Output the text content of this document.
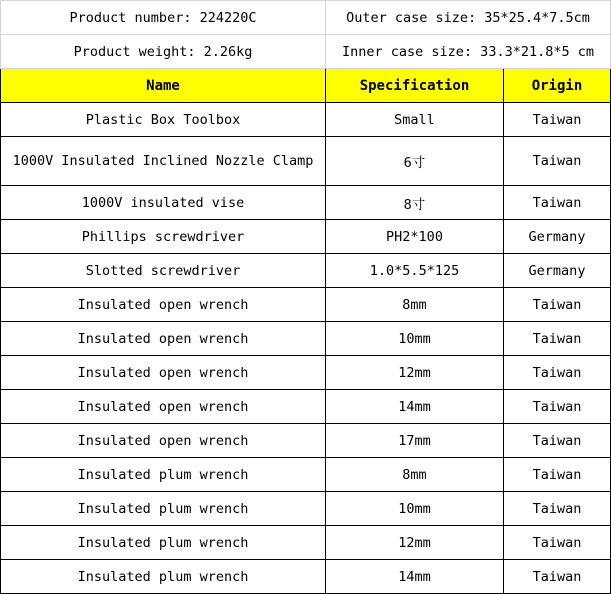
Product number: 224220C	Outer case size: 35*25.4*7.5cm	
Product weight: 2.26kg	Inner case size: 33.3*21.8*5 cm	
Name	Specification	Origin
Plastic Box Toolbox	Small	Taiwan
1000V Insulated Inclined Nozzle Clamp	6寸	Taiwan
1000V insulated vise	8寸	Taiwan
Phillips screwdriver	PH2*100	Germany
Slotted screwdriver	1.0*5.5*125	Germany
Insulated open wrench	8mm	Taiwan
Insulated open wrench	10mm	Taiwan
Insulated open wrench	12mm	Taiwan
Insulated open wrench	14mm	Taiwan
Insulated open wrench	17mm	Taiwan
Insulated plum wrench	8mm	Taiwan
Insulated plum wrench	10mm	Taiwan
Insulated plum wrench	12mm	Taiwan
Insulated plum wrench	14mm	Taiwan
